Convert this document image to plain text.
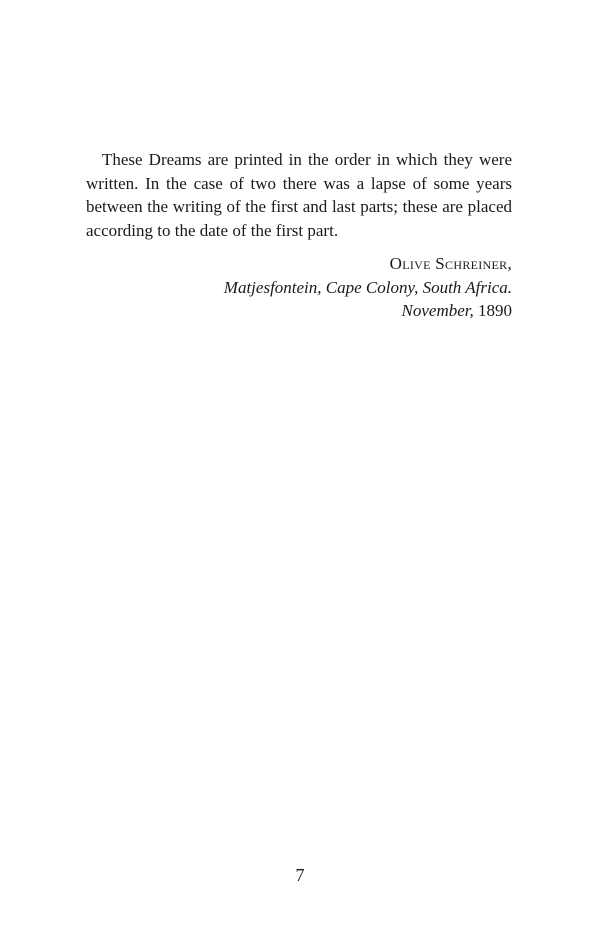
These Dreams are printed in the order in which they were written. In the case of two there was a lapse of some years between the writing of the first and last parts; these are placed according to the date of the first part.

Olive Schreiner,
Matjesfontein, Cape Colony, South Africa.
November, 1890
7
